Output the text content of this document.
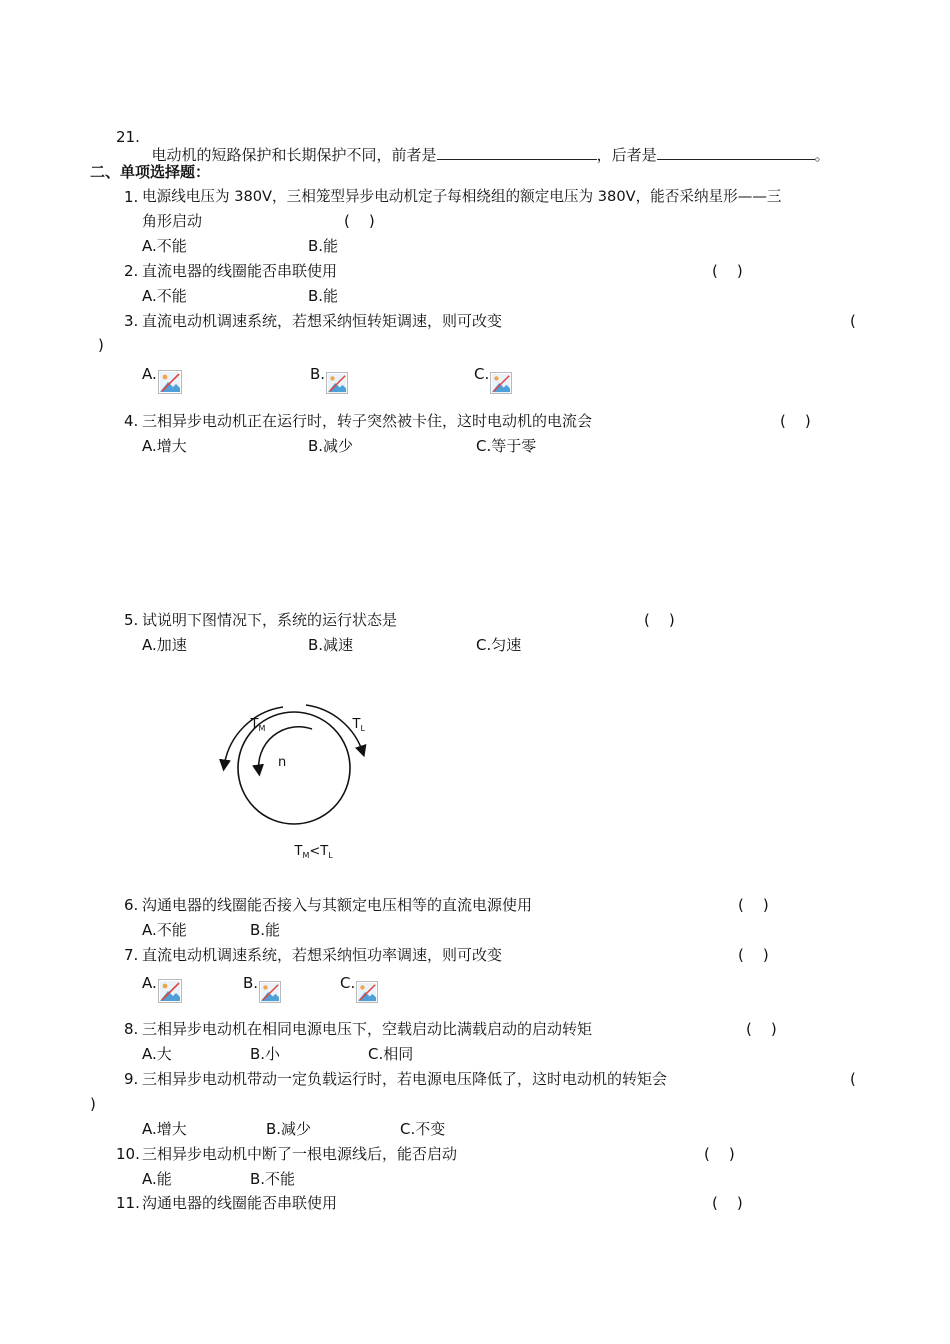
21.

电动机的短路保护和长期保护不同，前者是	，后者是	。

二、单项选择题：
1. 电源线电压为 380V，三相笼型异步电动机定子每相绕组的额定电压为 380V，能否采纳星形——三
角形启动	(    )
A.不能	B.能
2. 直流电器的线圈能否串联使用	(    )
A.不能	B.能
3. 直流电动机调速系统，若想采纳恒转矩调速，则可改变	(
)
A.	B.	C.
4. 三相异步电动机正在运行时，转子突然被卡住，这时电动机的电流会	(    )
A.增大	B.减少	C.等于零
5. 试说明下图情况下，系统的运行状态是	(    )
A.加速	B.减速	C.匀速

$T_M$
	$T_L$

n

$T_M<T_L$

6. 沟通电器的线圈能否接入与其额定电压相等的直流电源使用	(    )
A.不能	B.能
7. 直流电动机调速系统，若想采纳恒功率调速，则可改变	(    )
A.	B.	C.
8. 三相异步电动机在相同电源电压下，空载启动比满载启动的启动转矩	(    )
A.大	B.小	C.相同
9. 三相异步电动机带动一定负载运行时，若电源电压降低了，这时电动机的转矩会	(
)
A.增大	B.减少	C.不变
10. 三相异步电动机中断了一根电源线后，能否启动	(    )
A.能	B.不能
11. 沟通电器的线圈能否串联使用	(    )
